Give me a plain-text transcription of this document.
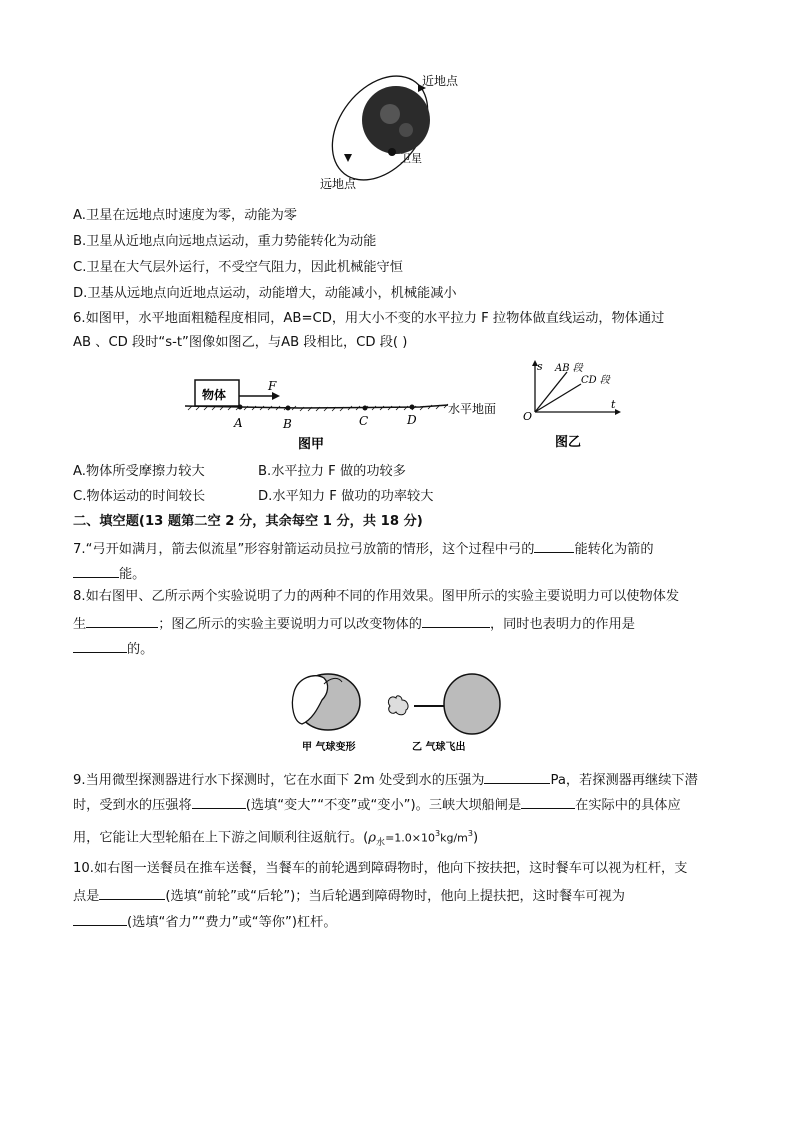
近地点
卫星
远地点
A.卫星在远地点时速度为零，动能为零
B.卫星从近地点向远地点运动，重力势能转化为动能
C.卫星在大气层外运行，不受空气阻力，因此机械能守恒
D.卫基从远地点向近地点运动，动能增大，动能减小，机械能减小
6.如图甲，水平地面粗糙程度相同，AB=CD，用大小不变的水平拉力 F 拉物体做直线运动，物体通过
AB 、CD 段时“s-t”图像如图乙，与AB 段相比，CD 段( )
物体
F
A	B	C	D
水平地面
图甲
s AB 段
CD 段
O
t
图乙
A.物体所受摩擦力较大	B.水平拉力 F 做的功较多
C.物体运动的时间较长	D.水平知力 F 做功的功率较大
二、填空题(13 题第二空 2 分，其余每空 1 分，共 18 分)
7.“弓开如满月，箭去似流星”形容射箭运动员拉弓放箭的情形，这个过程中弓的	能转化为箭的
能。
8.如右图甲、乙所示两个实验说明了力的两种不同的作用效果。图甲所示的实验主要说明力可以使物体发
生	；图乙所示的实验主要说明力可以改变物体的	，同时也表明力的作用是
的。
甲 气球变形	乙 气球飞出
9.当用微型探测器进行水下探测时，它在水面下 2m 处受到水的压强为	Pa，若探测器再继续下潜
时，受到水的压强将	(选填“变大”“不变”或“变小”)。三峡大坝船闸是	在实际中的具体应
用，它能让大型轮船在上下游之间顺利往返航行。$(\rho_水=1.0\times 10^3kg/m^3)$
10.如右图一送餐员在推车送餐，当餐车的前轮遇到障碍物时，他向下按扶把，这时餐车可以视为杠杆，支
点是	(选填“前轮”或“后轮”)；当后轮遇到障碍物时，他向上提扶把，这时餐车可视为
(选填“省力”“费力”或“等你”)杠杆。
